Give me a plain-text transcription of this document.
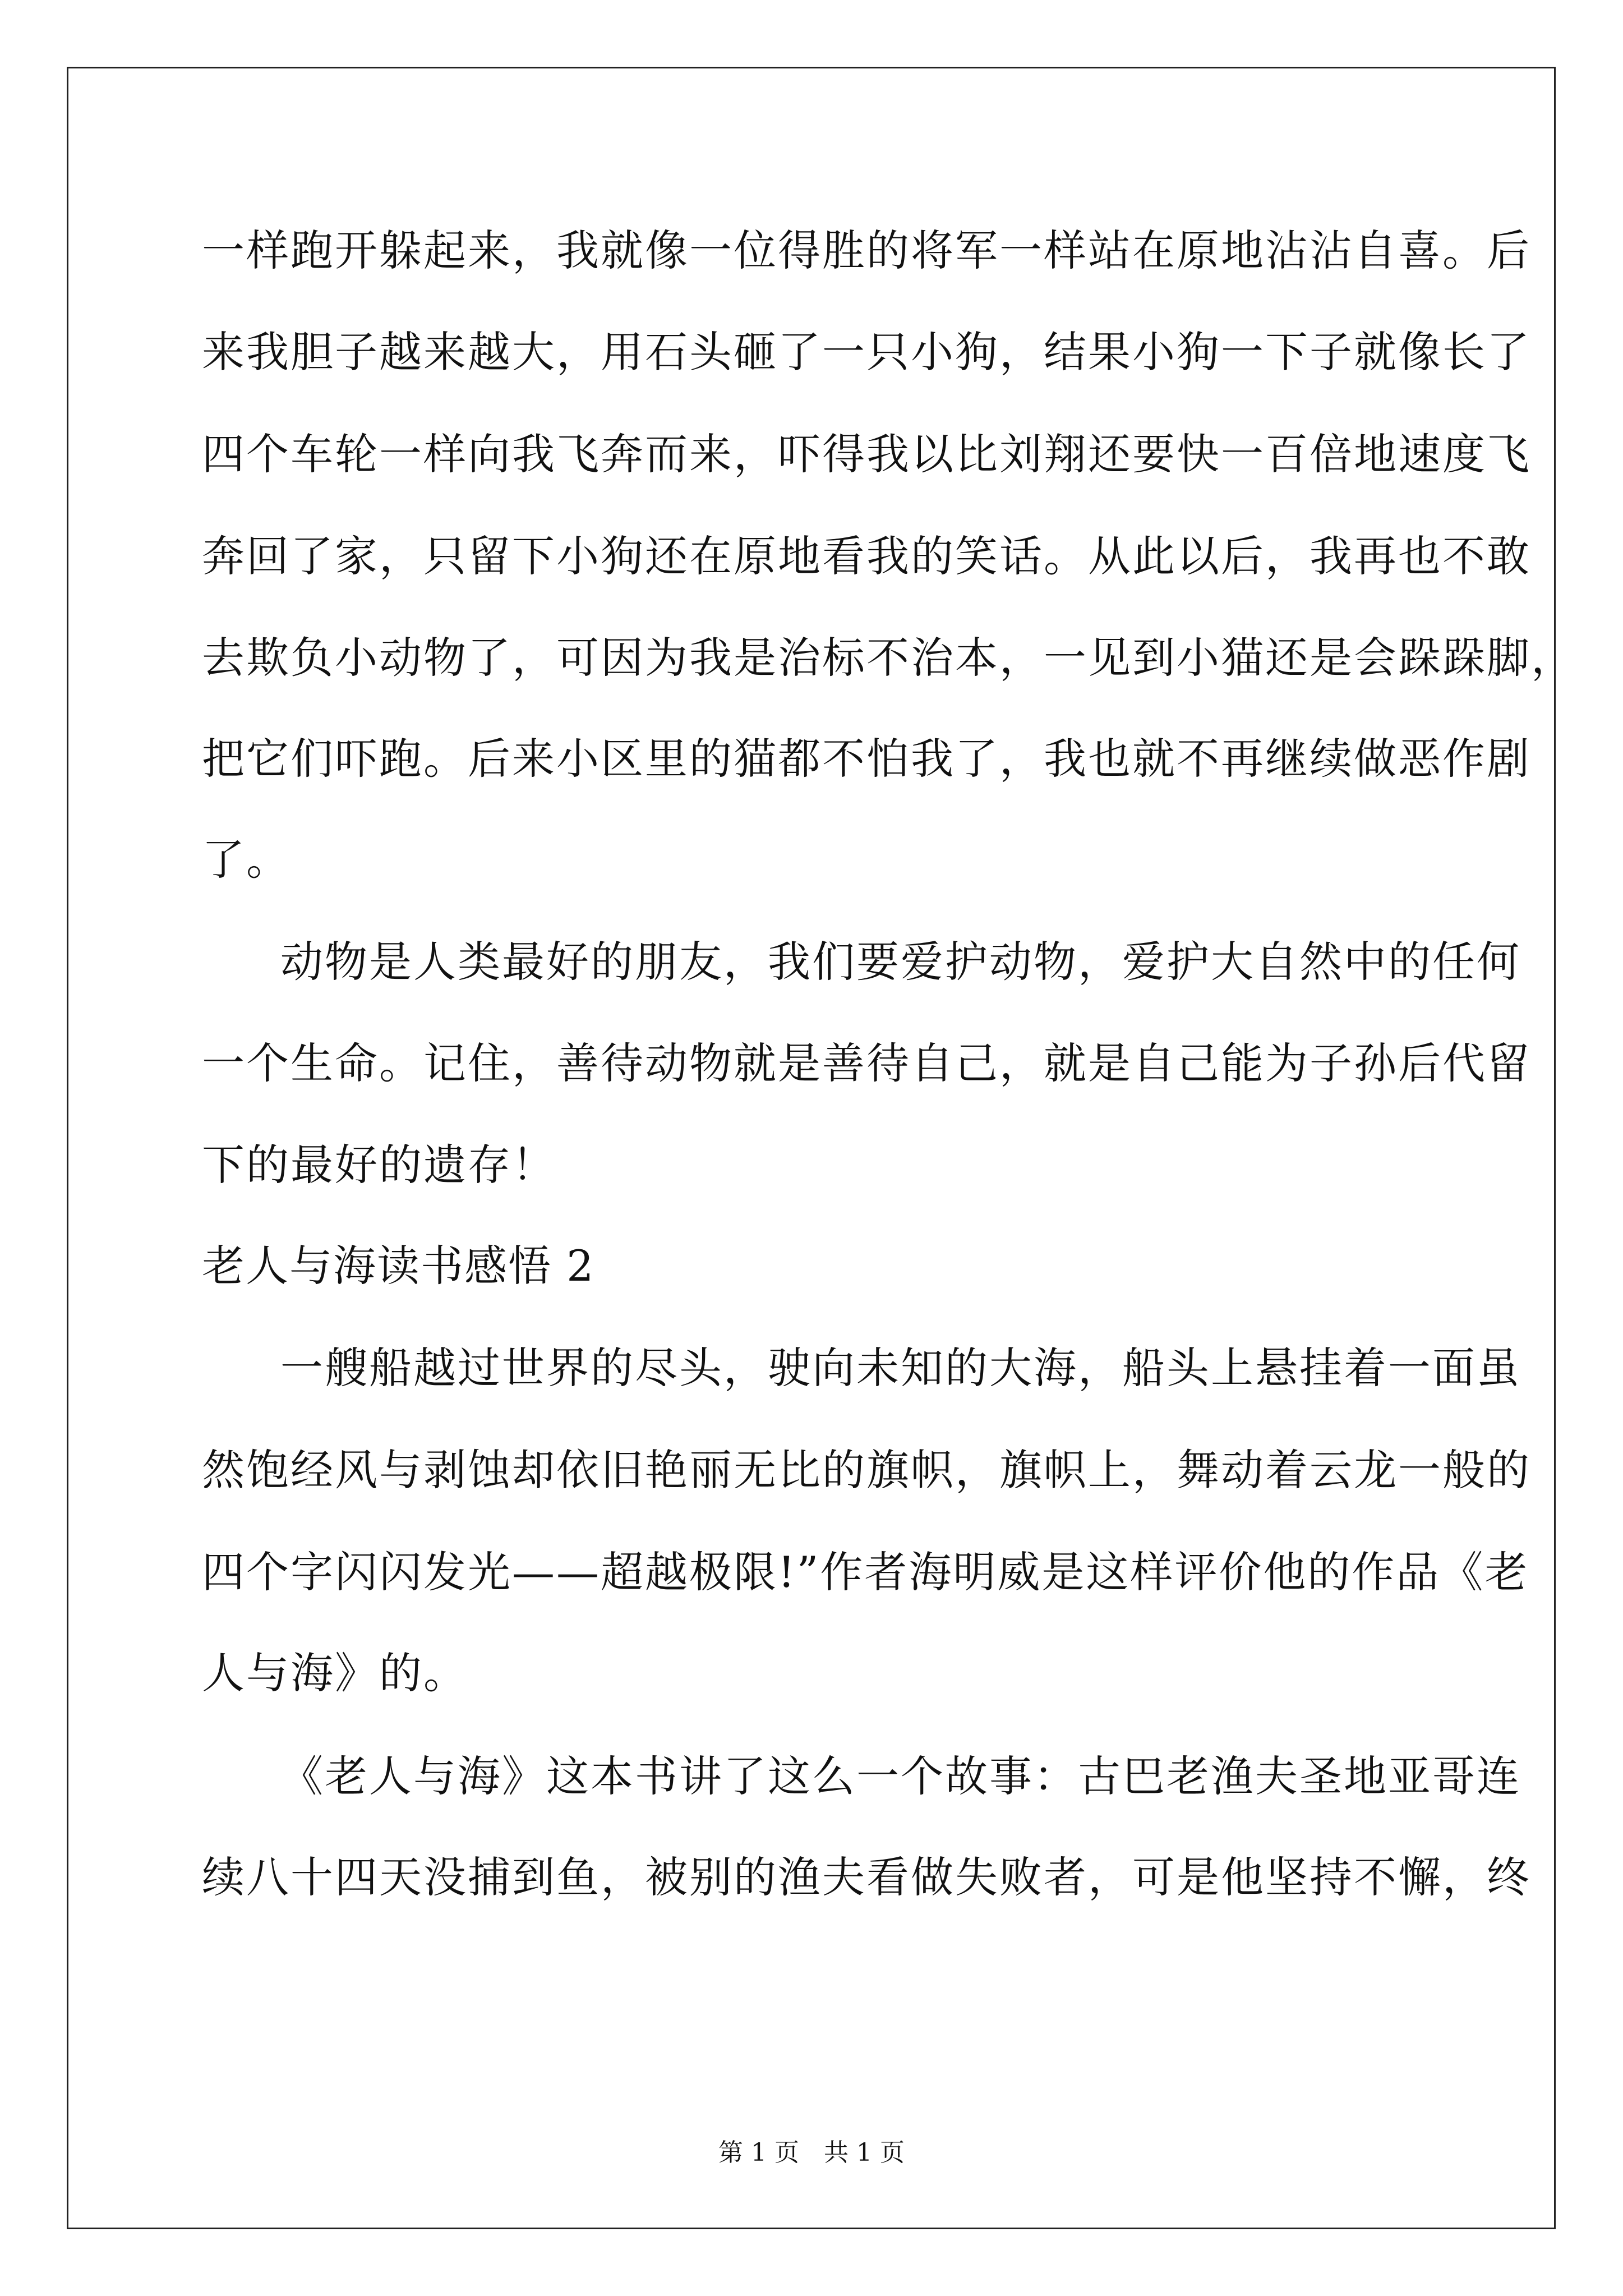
一样跑开躲起来，我就像一位得胜的将军一样站在原地沾沾自喜。后
来我胆子越来越大，用石头砸了一只小狗，结果小狗一下子就像长了
四个车轮一样向我飞奔而来，吓得我以比刘翔还要快一百倍地速度飞
奔回了家，只留下小狗还在原地看我的笑话。从此以后，我再也不敢
去欺负小动物了，可因为我是治标不治本，一见到小猫还是会跺跺脚，
把它们吓跑。后来小区里的猫都不怕我了，我也就不再继续做恶作剧
了。
动物是人类最好的朋友，我们要爱护动物，爱护大自然中的任何
一个生命。记住，善待动物就是善待自己，就是自己能为子孙后代留
下的最好的遗存！
老人与海读书感悟 2
一艘船越过世界的尽头，驶向未知的大海，船头上悬挂着一面虽
然饱经风与剥蚀却依旧艳丽无比的旗帜，旗帜上，舞动着云龙一般的
四个字闪闪发光——超越极限!”作者海明威是这样评价他的作品《老
人与海》的。
《老人与海》这本书讲了这么一个故事：古巴老渔夫圣地亚哥连
续八十四天没捕到鱼，被别的渔夫看做失败者，可是他坚持不懈，终
第 1 页　共 1 页
